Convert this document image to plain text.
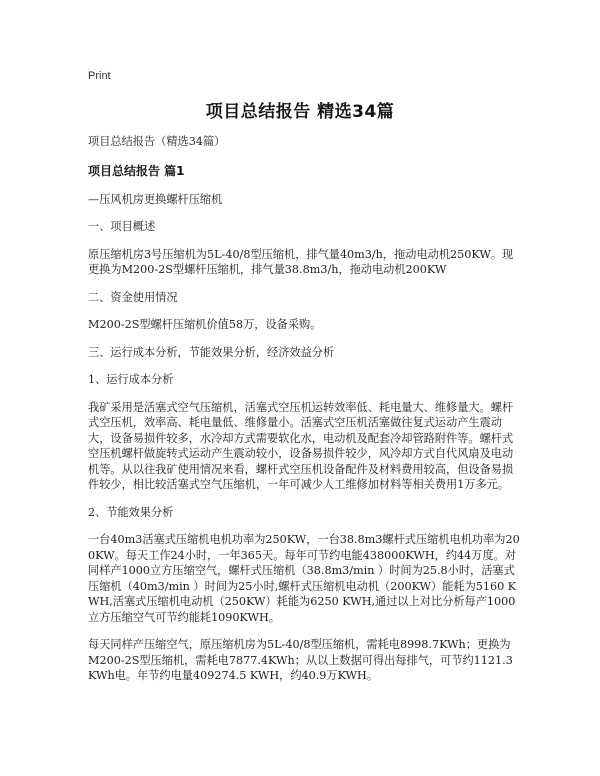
Print
项目总结报告 精选34篇

项目总结报告（精选34篇）

项目总结报告 篇1

—压风机房更换螺杆压缩机

一、项目概述

原压缩机房3号压缩机为5L-40/8型压缩机，排气量40m3/h，拖动电动机250KW。现更换为M200-2S型螺杆压缩机，排气量38.8m3/h，拖动电动机200KW

二、资金使用情况

M200-2S型螺杆压缩机价值58万，设备采购。

三、运行成本分析，节能效果分析，经济效益分析

1、运行成本分析

我矿采用是活塞式空气压缩机，活塞式空压机运转效率低、耗电量大、维修量大。螺杆式空压机，效率高、耗电量低、维修量小。活塞式空压机活塞做往复式运动产生震动大，设备易损件较多，水冷却方式需要软化水，电动机及配套冷却管路附件等。螺杆式空压机螺杆做旋转式运动产生震动较小，设备易损件较少，风冷却方式自代风扇及电动机等。从以往我矿使用情况来看，螺杆式空压机设备配件及材料费用较高，但设备易损件较少，相比较活塞式空气压缩机，一年可减少人工维修加材料等相关费用1万多元。

2、节能效果分析

一台40m3活塞式压缩机电机功率为250KW，一台38.8m3螺杆式压缩机电机功率为200KW。每天工作24小时，一年365天。每年可节约电能438000KWH，约44万度。对同样产1000立方压缩空气，螺杆式压缩机（38.8m3/min ）时间为25.8小时，活塞式压缩机（40m3/min ）时间为25小时,螺杆式压缩机电动机（200KW）能耗为5160 KWH,活塞式压缩机电动机（250KW）耗能为6250 KWH,通过以上对比分析每产1000立方压缩空气可节约能耗1090KWH。

每天同样产压缩空气，原压缩机房为5L-40/8型压缩机，需耗电8998.7KWh；更换为M200-2S型压缩机，需耗电7877.4KWh；从以上数据可得出每排气，可节约1121.3KWh电。年节约电量409274.5 KWH，约40.9万KWH。
